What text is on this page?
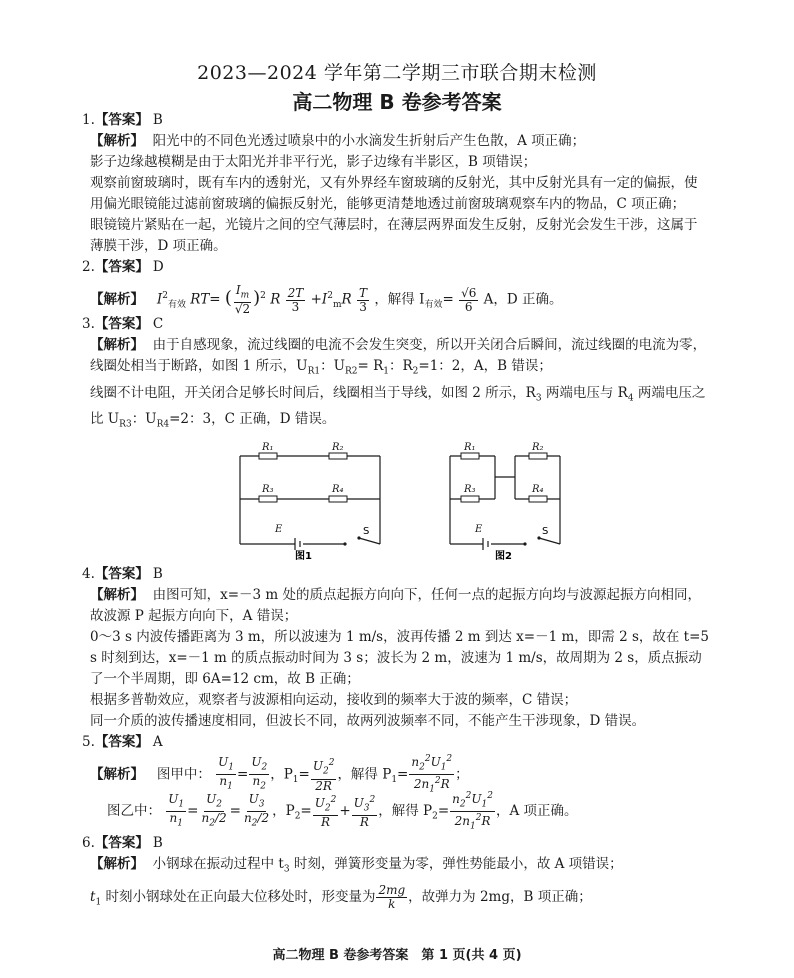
2023—2024 学年第二学期三市联合期末检测
高二物理 B 卷参考答案
1.【答案】 B
【解析】 阳光中的不同色光透过喷泉中的小水滴发生折射后产生色散，A 项正确；
影子边缘越模糊是由于太阳光并非平行光，影子边缘有半影区，B 项错误；
观察前窗玻璃时，既有车内的透射光，又有外界经车窗玻璃的反射光，其中反射光具有一定的偏振，使用偏光眼镜能过滤前窗玻璃的偏振反射光，能够更清楚地透过前窗玻璃观察车内的物品，C 项正确；
眼镜镜片紧贴在一起，光镜片之间的空气薄层时，在薄层两界面发生反射，反射光会发生干涉，这属于薄膜干涉，D 项正确。
2.【答案】 D
【解析】 $I^2_{有效}$ RT= ( $\frac{I_m}{√2} )^2$ R $\frac{2T}{3} +I^2_mR \frac{T}{3}$ ，解得 $I_{有效}= \frac{√6}{6}$ A，D 正确。
3.【答案】 C
【解析】 由于自感现象，流过线圈的电流不会发生突变，所以开关闭合后瞬间，流过线圈的电流为零，线圈处相当于断路，如图 1 所示，$U_{R1}$：$U_{R2}= R_1$：$R_2=1$：2，A，B 错误；
线圈不计电阻，开关闭合足够长时间后，线圈相当于导线，如图 2 所示，$R_3$ 两端电压与 $R_4$ 两端电压之
比 $U_{R3}$：$U_{R4}=2$：3，C 正确，D 错误。
R₁	R₂
R₃	R₄
E	S
图1
R₁	R₂
R₃	R₄
E	S
图2
4.【答案】 B
【解析】 由图可知，x=－3 m 处的质点起振方向向下，任何一点的起振方向均与波源起振方向相同，故波源 P 起振方向向下，A 错误；
0～3 s 内波传播距离为 3 m，所以波速为 1 m/s，波再传播 2 m 到达 x=－1 m，即需 2 s，故在 t=5 s 时刻到达，x=－1 m 的质点振动时间为 3 s；波长为 2 m，波速为 1 m/s，故周期为 2 s，质点振动了一个半周期，即 6A=12 cm，故 B 正确；
根据多普勒效应，观察者与波源相向运动，接收到的频率大于波的频率，C 错误；
同一介质的波传播速度相同，但波长不同，故两列波频率不同，不能产生干涉现象，D 错误。
5.【答案】 A
【解析】 图甲中： $\frac{U_1}{n_1} = \frac{U_2}{n_2}$ ，$P_1= \frac{U_2^2}{2R}$ ，解得 $P_1= \frac{n_2^2U_1^2}{2n_1^2R}$ ；
图乙中： $\frac{U_1}{n_1} = \frac{U_2}{n_2/2} = \frac{U_3}{n_2/2}$ ，$P_2= \frac{U_2^2}{R} + \frac{U_3^2}{R}$ ，解得 $P_2= \frac{n_2^2U_1^2}{2n_1^2R}$ ，A 项正确。
6.【答案】 B
【解析】 小钢球在振动过程中 $t_3$ 时刻，弹簧形变量为零，弹性势能最小，故 A 项错误；
$t_1$ 时刻小钢球处在正向最大位移处时，形变量为 $\frac{2mg}{k}$ ，故弹力为 2mg，B 项正确；
高二物理 B 卷参考答案　第 1 页(共 4 页)
